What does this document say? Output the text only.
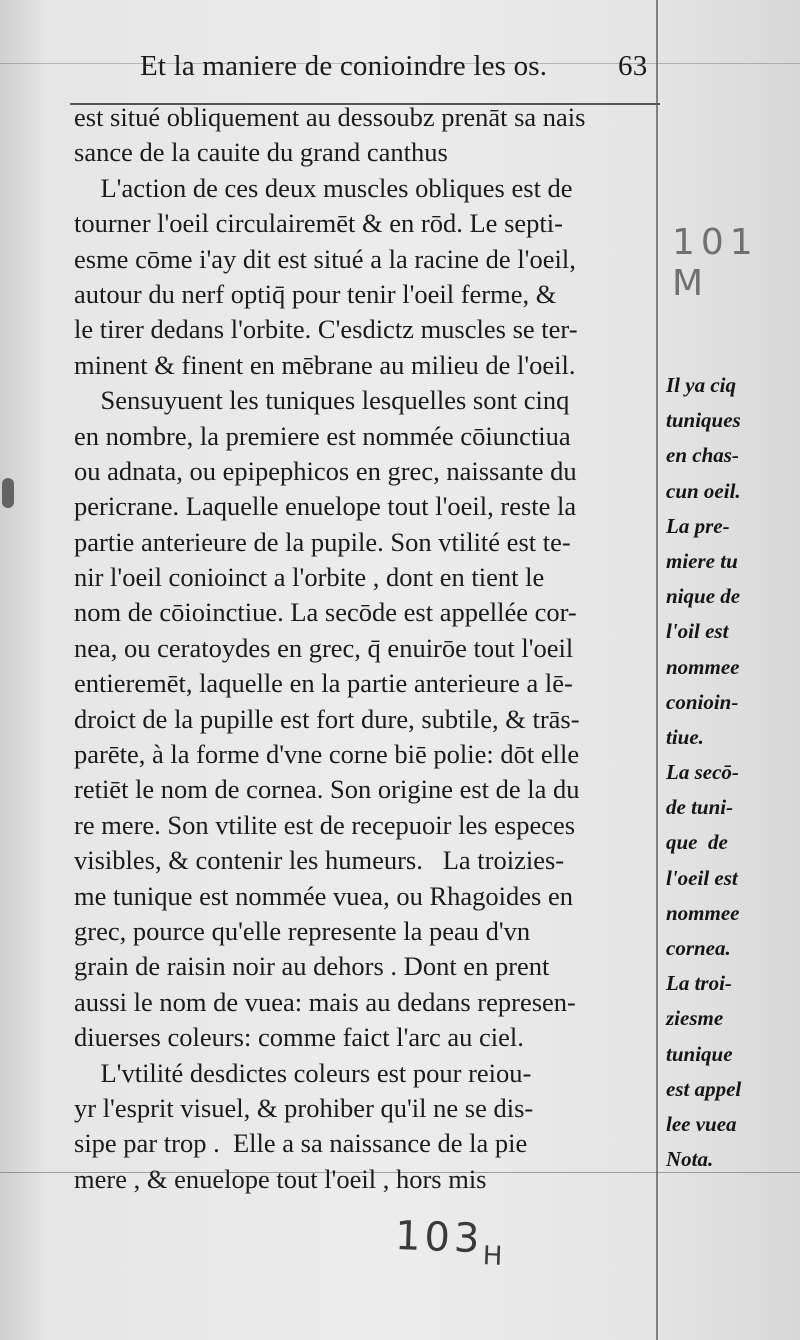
Et la maniere de conioindre les os. 63
est situé obliquement au dessoubz prenāt sa nais
sance de la cauite du grand canthus
L'action de ces deux muscles obliques est de
tourner l'oeil circulairemēt & en rōd. Le septi-
esme cōme i'ay dit est situé a la racine de l'oeil,
autour du nerf optiq̄ pour tenir l'oeil ferme, &
le tirer dedans l'orbite. C'esdictz muscles se ter-
minent & finent en mēbrane au milieu de l'oeil.
Sensuyuent les tuniques lesquelles sont cinq
en nombre, la premiere est nommée cōiunctiua
ou adnata, ou epipephicos en grec, naissante du
pericrane. Laquelle enuelope tout l'oeil, reste la
partie anterieure de la pupile. Son vtilité est te-
nir l'oeil conioinct a l'orbite , dont en tient le
nom de cōioinctiue. La secōde est appellée cor-
nea, ou ceratoydes en grec, q̄ enuirōe tout l'oeil
entieremēt, laquelle en la partie anterieure a lē-
droict de la pupille est fort dure, subtile, & trās-
parēte, à la forme d'vne corne biē polie: dōt elle
retiēt le nom de cornea. Son origine est de la du
re mere. Son vtilite est de recepuoir les especes
visibles, & contenir les humeurs.   La troizies-
me tunique est nommée vuea, ou Rhagoides en
grec, pource qu'elle represente la peau d'vn
grain de raisin noir au dehors . Dont en prent
aussi le nom de vuea: mais au dedans represen-
diuerses coleurs: comme faict l'arc au ciel.
L'vtilité desdictes coleurs est pour reiou-
yr l'esprit visuel, & prohiber qu'il ne se dis-
sipe par trop .  Elle a sa naissance de la pie
mere , & enuelope tout l'oeil , hors mis
Il ya ciq
tuniques
en chas-
cun oeil.
La pre-
miere tu
nique de
l'oil est
nommee
conioin-
tiue.
La secō-
de tuni-
que  de
l'oeil est
nommee
cornea.
La troi-
ziesme
tunique
est appel
lee vuea
Nota.
101 M
$103_H$
